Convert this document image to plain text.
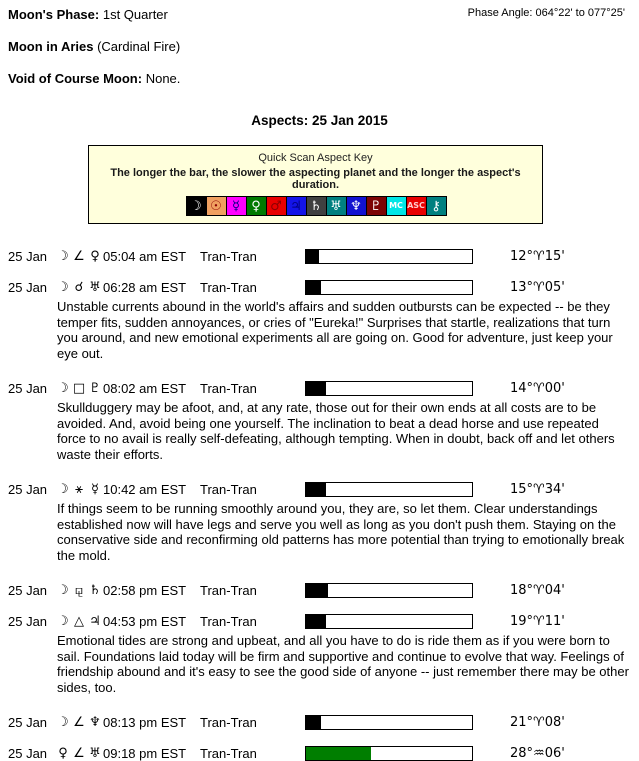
Moon's Phase: 1st Quarter	Phase Angle: 064°22' to 077°25'
Moon in Aries (Cardinal Fire)
Void of Course Moon: None.
Aspects: 25 Jan 2015
Quick Scan Aspect Key
The longer the bar, the slower the aspecting planet and the longer the aspect's duration.
☽ ☉ ☿ ♀ ♂ ♃ ♄ ♅ ♆ ♇ MC ASC ⚷
25 Jan ☽ ∠ ♀ 05:04 am EST	Tran-Tran	12°♈15'
25 Jan ☽ ☌ ♅ 06:28 am EST	Tran-Tran	13°♈05'
Unstable currents abound in the world's affairs and sudden outbursts can be expected -- be they temper fits, sudden annoyances, or cries of "Eureka!" Surprises that startle, realizations that turn you around, and new emotional experiments all are going on. Good for adventure, just keep your eye out.
25 Jan ☽ □ ♇ 08:02 am EST	Tran-Tran	14°♈00'
Skullduggery may be afoot, and, at any rate, those out for their own ends at all costs are to be avoided. And, avoid being one yourself. The inclination to beat a dead horse and use repeated force to no avail is really self-defeating, although tempting. When in doubt, back off and let others waste their efforts.
25 Jan ☽ ⚹ ☿ 10:42 am EST	Tran-Tran	15°♈34'
If things seem to be running smoothly around you, they are, so let them. Clear understandings established now will have legs and serve you well as long as you don't push them. Staying on the conservative side and reconfirming old patterns has more potential than trying to emotionally break the mold.
25 Jan ☽ ⚼ ♄ 02:58 pm EST	Tran-Tran	18°♈04'
25 Jan ☽ △ ♃ 04:53 pm EST	Tran-Tran	19°♈11'
Emotional tides are strong and upbeat, and all you have to do is ride them as if you were born to sail. Foundations laid today will be firm and supportive and continue to evolve that way. Feelings of friendship abound and it's easy to see the good side of anyone -- just remember there may be other sides, too.
25 Jan ☽ ∠ ♆ 08:13 pm EST	Tran-Tran	21°♈08'
25 Jan ♀ ∠ ♅ 09:18 pm EST	Tran-Tran	28°♒06'
